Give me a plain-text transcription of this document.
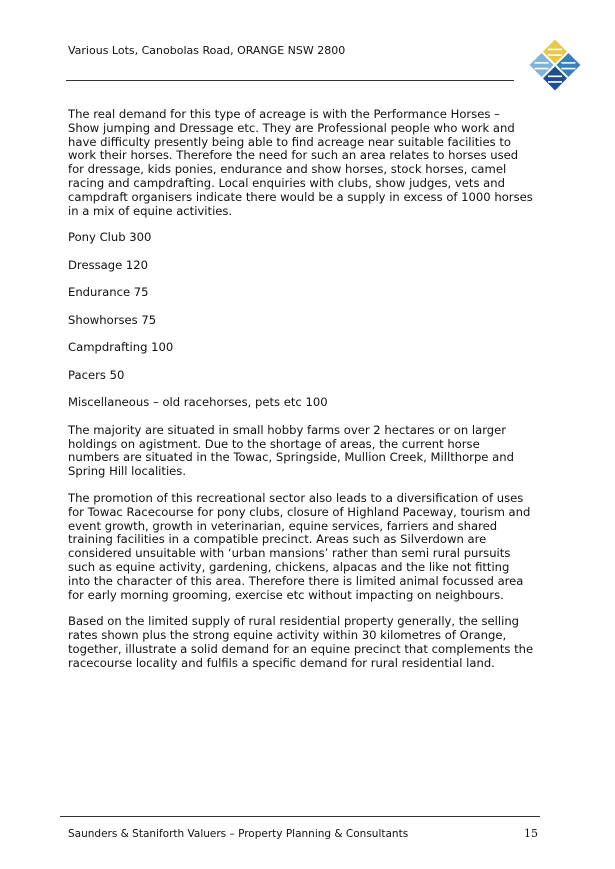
Various Lots, Canobolas Road, ORANGE NSW 2800

The real demand for this type of acreage is with the Performance Horses – Show jumping and Dressage etc. They are Professional people who work and have difficulty presently being able to find acreage near suitable facilities to work their horses. Therefore the need for such an area relates to horses used for dressage, kids ponies, endurance and show horses, stock horses, camel racing and campdrafting. Local enquiries with clubs, show judges, vets and campdraft organisers indicate there would be a supply in excess of 1000 horses in a mix of equine activities.

Pony Club 300
Dressage 120
Endurance 75
Showhorses 75
Campdrafting 100
Pacers 50
Miscellaneous – old racehorses, pets etc 100

The majority are situated in small hobby farms over 2 hectares or on larger holdings on agistment. Due to the shortage of areas, the current horse numbers are situated in the Towac, Springside, Mullion Creek, Millthorpe and Spring Hill localities.

The promotion of this recreational sector also leads to a diversification of uses for Towac Racecourse for pony clubs, closure of Highland Paceway, tourism and event growth, growth in veterinarian, equine services, farriers and shared training facilities in a compatible precinct. Areas such as Silverdown are considered unsuitable with ‘urban mansions’ rather than semi rural pursuits such as equine activity, gardening, chickens, alpacas and the like not fitting into the character of this area. Therefore there is limited animal focussed area for early morning grooming, exercise etc without impacting on neighbours.

Based on the limited supply of rural residential property generally, the selling rates shown plus the strong equine activity within 30 kilometres of Orange, together, illustrate a solid demand for an equine precinct that complements the racecourse locality and fulfils a specific demand for rural residential land.

Saunders & Staniforth Valuers – Property Planning & Consultants	15
